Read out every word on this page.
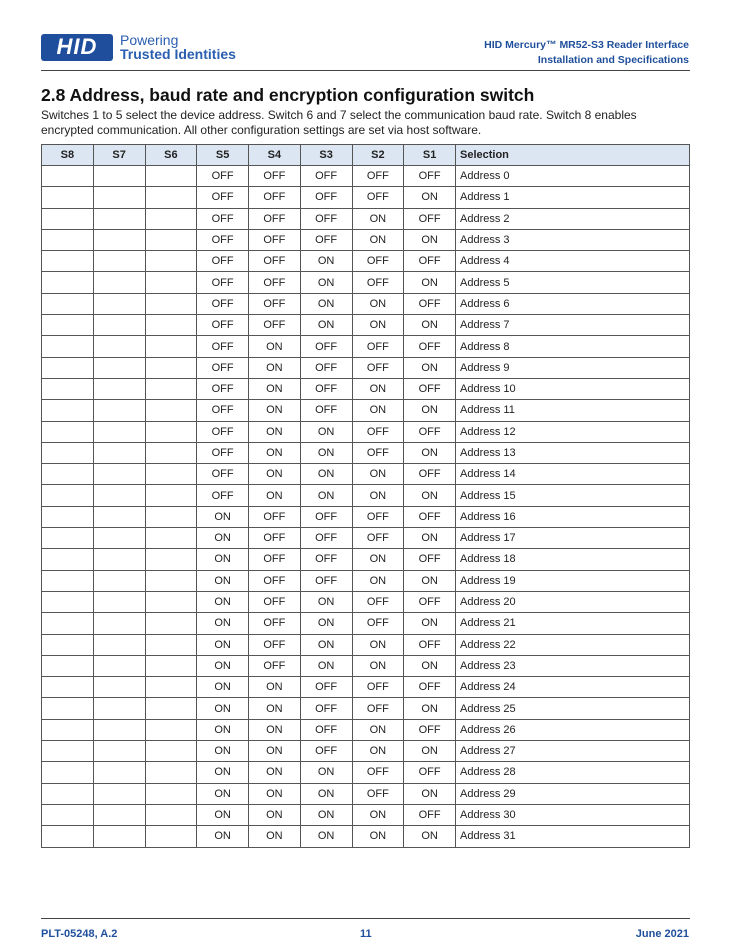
HID	Powering
Trusted Identities
HID Mercury™ MR52-S3 Reader Interface
Installation and Specifications
2.8 Address, baud rate and encryption configuration switch
Switches 1 to 5 select the device address. Switch 6 and 7 select the communication baud rate. Switch 8 enables encrypted communication. All other configuration settings are set via host software.
S8	S7	S6	S5	S4	S3	S2	S1	Selection
			OFF	OFF	OFF	OFF	OFF	Address 0
			OFF	OFF	OFF	OFF	ON	Address 1
			OFF	OFF	OFF	ON	OFF	Address 2
			OFF	OFF	OFF	ON	ON	Address 3
			OFF	OFF	ON	OFF	OFF	Address 4
			OFF	OFF	ON	OFF	ON	Address 5
			OFF	OFF	ON	ON	OFF	Address 6
			OFF	OFF	ON	ON	ON	Address 7
			OFF	ON	OFF	OFF	OFF	Address 8
			OFF	ON	OFF	OFF	ON	Address 9
			OFF	ON	OFF	ON	OFF	Address 10
			OFF	ON	OFF	ON	ON	Address 11
			OFF	ON	ON	OFF	OFF	Address 12
			OFF	ON	ON	OFF	ON	Address 13
			OFF	ON	ON	ON	OFF	Address 14
			OFF	ON	ON	ON	ON	Address 15
			ON	OFF	OFF	OFF	OFF	Address 16
			ON	OFF	OFF	OFF	ON	Address 17
			ON	OFF	OFF	ON	OFF	Address 18
			ON	OFF	OFF	ON	ON	Address 19
			ON	OFF	ON	OFF	OFF	Address 20
			ON	OFF	ON	OFF	ON	Address 21
			ON	OFF	ON	ON	OFF	Address 22
			ON	OFF	ON	ON	ON	Address 23
			ON	ON	OFF	OFF	OFF	Address 24
			ON	ON	OFF	OFF	ON	Address 25
			ON	ON	OFF	ON	OFF	Address 26
			ON	ON	OFF	ON	ON	Address 27
			ON	ON	ON	OFF	OFF	Address 28
			ON	ON	ON	OFF	ON	Address 29
			ON	ON	ON	ON	OFF	Address 30
			ON	ON	ON	ON	ON	Address 31
PLT-05248, A.2	11	June 2021
